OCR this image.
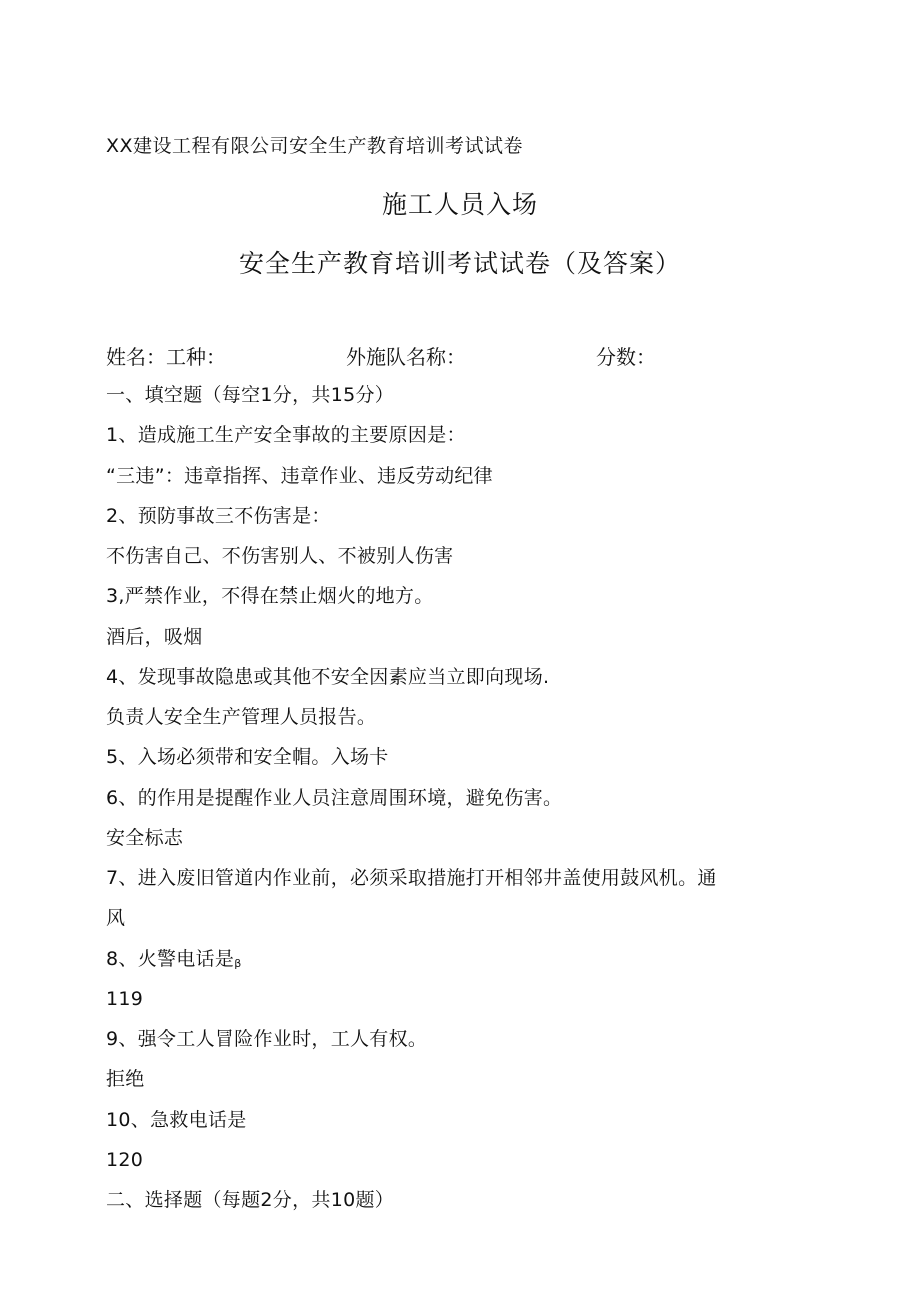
XX建设工程有限公司安全生产教育培训考试试卷
施工人员入场
安全生产教育培训考试试卷（及答案）
姓名：工种：	外施队名称：	分数：
一、填空题（每空1分，共15分）
1、造成施工生产安全事故的主要原因是：
“三违”：违章指挥、违章作业、违反劳动纪律
2、预防事故三不伤害是：
不伤害自己、不伤害别人、不被别人伤害
3,严禁作业，不得在禁止烟火的地方。
酒后，吸烟
4、发现事故隐患或其他不安全因素应当立即向现场.
负责人安全生产管理人员报告。
5、入场必须带和安全帽。入场卡
6、的作用是提醒作业人员注意周围环境，避免伤害。
安全标志
7、进入废旧管道内作业前，必须采取措施打开相邻井盖使用鼓风机。通
风
8、火警电话是β
119
9、强令工人冒险作业时，工人有权。
拒绝
10、急救电话是
120
二、选择题（每题2分，共10题）
